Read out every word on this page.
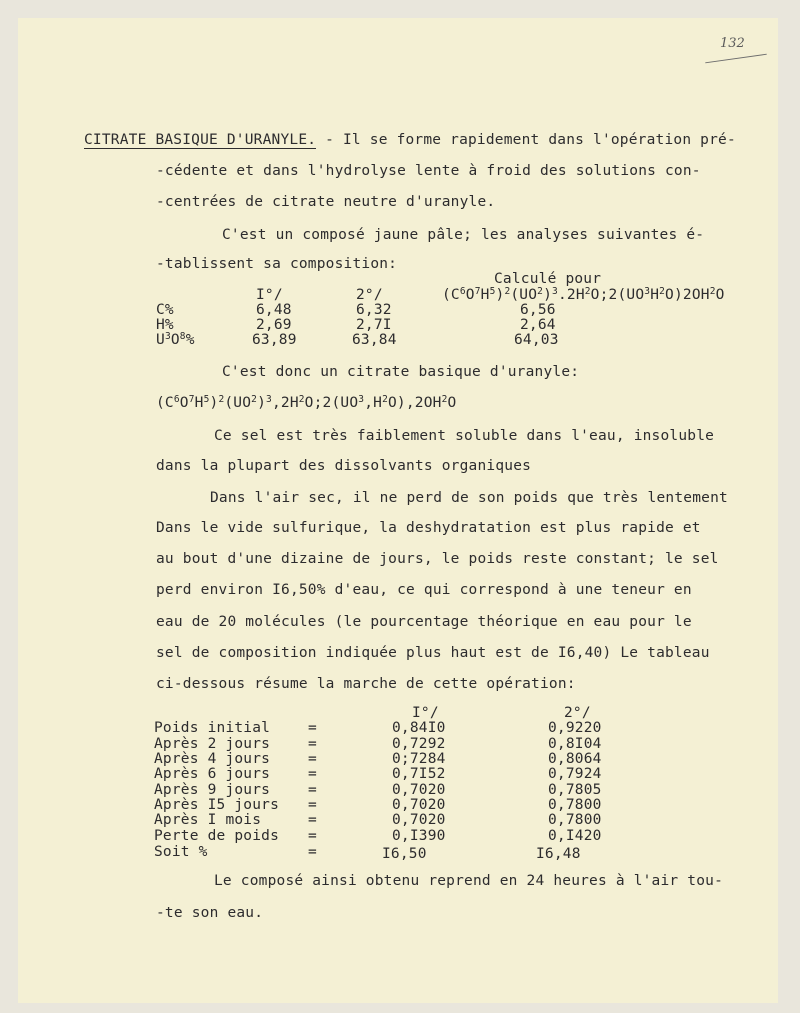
132
CITRATE BASIQUE D'URANYLE. - Il se forme rapidement dans l'opération pré-
-cédente et dans l'hydrolyse lente à froid des solutions con-
-centrées de citrate neutre d'uranyle.
C'est un composé jaune pâle; les analyses suivantes é-
-tablissent sa composition:
Calculé pour
$(C^6O^7H^5)^2(UO^2)^3.2H^2O;2(UO^3H^2O)2OH^2O$
I°/	2°/
C%	6,48	6,32	6,56
H%	2,69	2,7I	2,64
$U^3O^8\%$	63,89	63,84	64,03
C'est donc un citrate basique d'uranyle:
$(C^6O^7H^5)^2(UO^2)^3,2H^2O;2(UO^3,H^2O),2OH^2O$
Ce sel est très faiblement soluble dans l'eau, insoluble
dans la plupart des dissolvants organiques
Dans l'air sec, il ne perd de son poids que très lentement
Dans le vide sulfurique, la deshydratation est plus rapide et
au bout d'une dizaine de jours, le poids reste constant; le sel
perd environ I6,50% d'eau, ce qui correspond à une teneur en
eau de 20 molécules (le pourcentage théorique en eau pour le
sel de composition indiquée plus haut est de I6,40) Le tableau
ci-dessous résume la marche de cette opération:
I°/	2°/
Poids initial	=	0,84I0	0,9220
Après 2 jours	=	0,7292	0,8I04
Après 4 jours	=	0;7284	0,8064
Après 6 jours	=	0,7I52	0,7924
Après 9 jours	=	0,7020	0,7805
Après I5 jours =	0,7020	0,7800
Après I mois	=	0,7020	0,7800
Perte de poids =	0,I390	0,I420
Soit %	=	I6,50	I6,48
Le composé ainsi obtenu reprend en 24 heures à l'air tou-
-te son eau.
